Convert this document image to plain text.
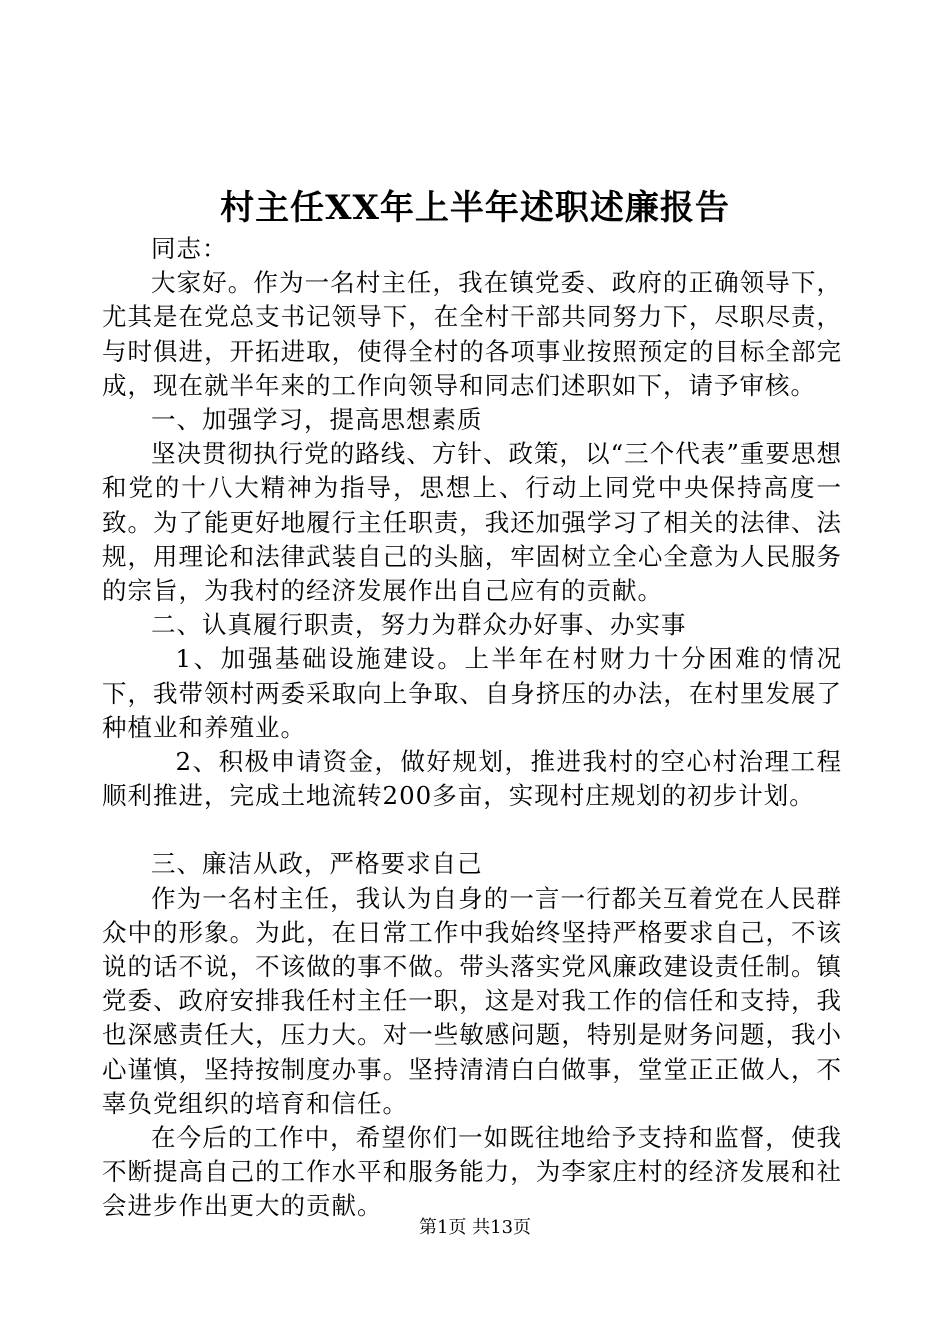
村主任XX年上半年述职述廉报告

同志：

大家好。作为一名村主任，我在镇党委、政府的正确领导下，尤其是在党总支书记领导下，在全村干部共同努力下，尽职尽责，与时俱进，开拓进取，使得全村的各项事业按照预定的目标全部完成，现在就半年来的工作向领导和同志们述职如下，请予审核。

一、加强学习，提高思想素质

坚决贯彻执行党的路线、方针、政策，以“三个代表”重要思想和党的十八大精神为指导，思想上、行动上同党中央保持高度一致。为了能更好地履行主任职责，我还加强学习了相关的法律、法规，用理论和法律武装自己的头脑，牢固树立全心全意为人民服务的宗旨，为我村的经济发展作出自己应有的贡献。

二、认真履行职责，努力为群众办好事、办实事

1、加强基础设施建设。上半年在村财力十分困难的情况下，我带领村两委采取向上争取、自身挤压的办法，在村里发展了种植业和养殖业。

2、积极申请资金，做好规划，推进我村的空心村治理工程顺利推进，完成土地流转200多亩，实现村庄规划的初步计划。

三、廉洁从政，严格要求自己

作为一名村主任，我认为自身的一言一行都关互着党在人民群众中的形象。为此，在日常工作中我始终坚持严格要求自己，不该说的话不说，不该做的事不做。带头落实党风廉政建设责任制。镇党委、政府安排我任村主任一职，这是对我工作的信任和支持，我也深感责任大，压力大。对一些敏感问题，特别是财务问题，我小心谨慎，坚持按制度办事。坚持清清白白做事，堂堂正正做人，不辜负党组织的培育和信任。

在今后的工作中，希望你们一如既往地给予支持和监督，使我不断提高自己的工作水平和服务能力，为李家庄村的经济发展和社会进步作出更大的贡献。

第1页 共13页
